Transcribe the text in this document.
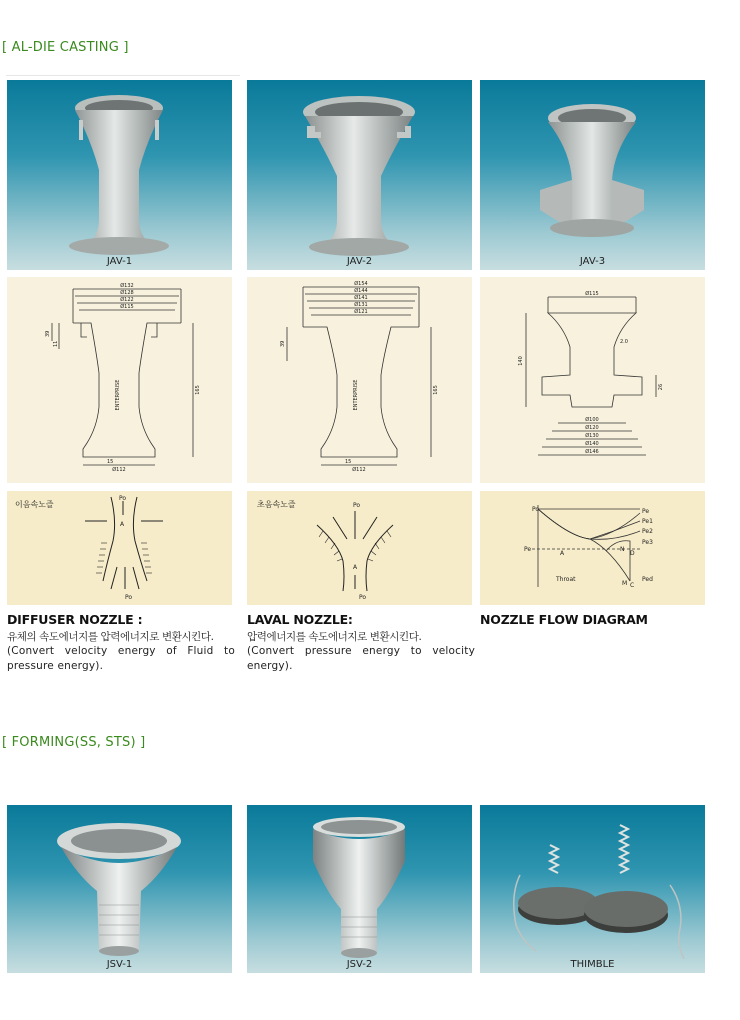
[ AL-DIE CASTING ]
JAV-1	JAV-2	JAV-3
Ø132
Ø128
Ø122
Ø115
Ø112
165
39
15
11
ENTERPRISE
Ø154
Ø144
Ø141
Ø131
Ø121
Ø112
165
39
15
ENTERPRISE
Ø115
Ø100
Ø120
Ø130
Ø140
Ø146
140
2.0
26
이음속노즐
Po
A
Po
초음속노즐	Po
A
Po
Po	Pe
Pe1
Pe2
Pe3
Pe
A
Throat
N
D
M C
Ped
DIFFUSER NOZZLE :
유체의 속도에너지를 압력에너지로 변환시킨다.
(Convert velocity energy of Fluid to pressure energy).
LAVAL NOZZLE:
압력에너지를 속도에너지로 변환시킨다.
(Convert pressure energy to velocity energy).
NOZZLE FLOW DIAGRAM
[ FORMING(SS, STS) ]
JSV-1	JSV-2	THIMBLE
